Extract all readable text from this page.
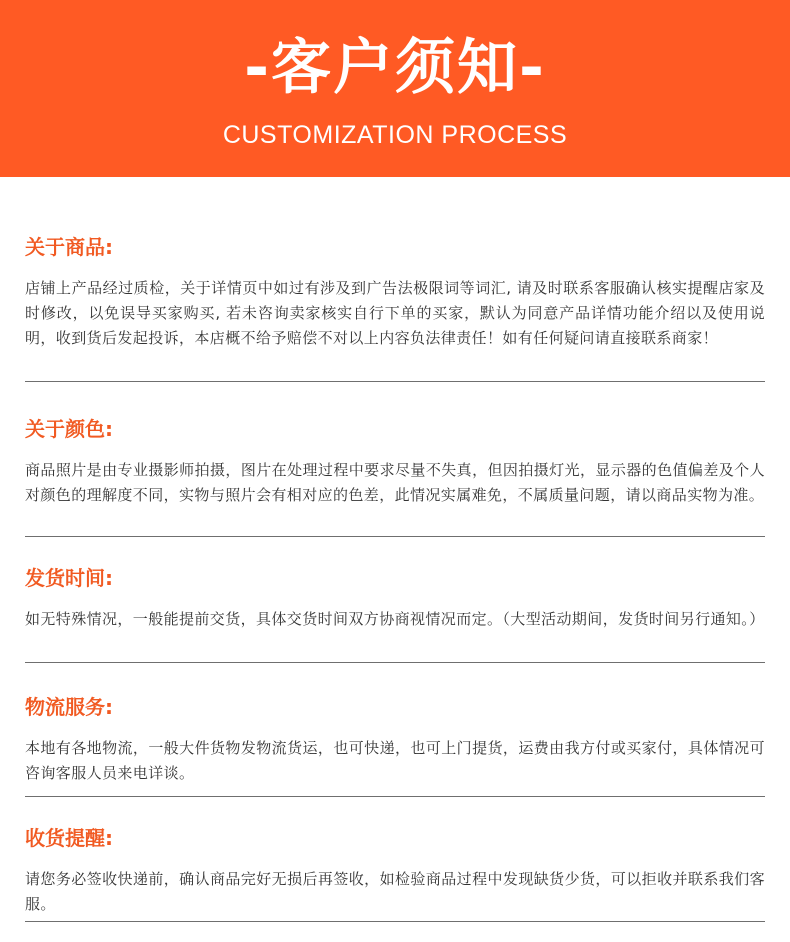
-客户须知-
CUSTOMIZATION PROCESS
关于商品:
店铺上产品经过质检，关于详情页中如过有涉及到广告法极限词等词汇, 请及时联系客服确认核实提醒店家及时修改，以免误导买家购买, 若未咨询卖家核实自行下单的买家，默认为同意产品详情功能介绍以及使用说明，收到货后发起投诉，本店概不给予赔偿不对以上内容负法律责任！如有任何疑问请直接联系商家！
关于颜色:
商品照片是由专业摄影师拍摄，图片在处理过程中要求尽量不失真，但因拍摄灯光，显示器的色值偏差及个人对颜色的理解度不同，实物与照片会有相对应的色差，此情况实属难免，不属质量问题，请以商品实物为准。
发货时间:
如无特殊情况，一般能提前交货，具体交货时间双方协商视情况而定。（大型活动期间，发货时间另行通知。）
物流服务:
本地有各地物流，一般大件货物发物流货运，也可快递，也可上门提货，运费由我方付或买家付，具体情况可咨询客服人员来电详谈。
收货提醒:
请您务必签收快递前，确认商品完好无损后再签收，如检验商品过程中发现缺货少货，可以拒收并联系我们客服。
